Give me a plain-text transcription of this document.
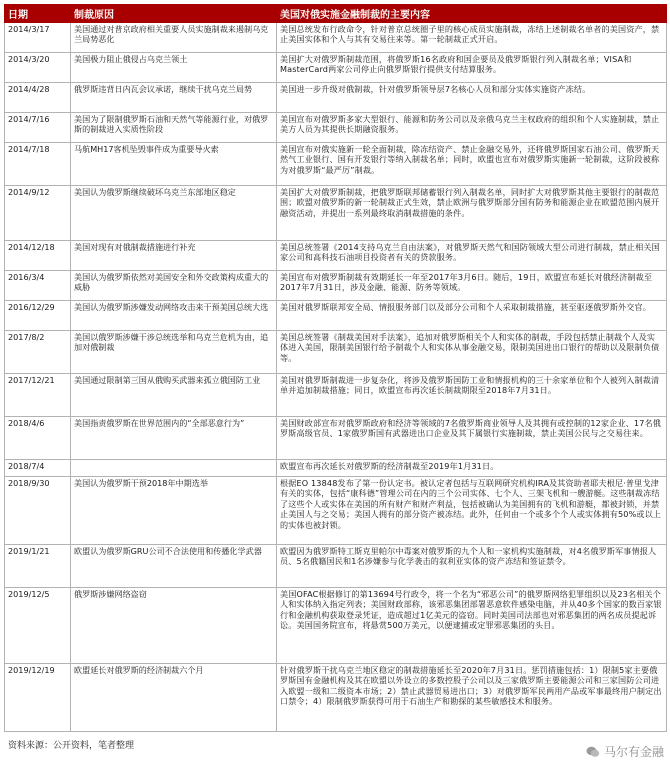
日期	制裁原因	美国对俄实施金融制裁的主要内容
2014/3/17	美国通过对普京政府相关重要人员实施制裁来遏制乌克兰局势恶化	美国总统发布行政命令，针对普京总统圈子里的核心成员实施制裁，冻结上述制裁名单者的美国资产，禁止美国实体和个人与其有交易往来等。第一轮制裁正式开启。
2014/3/20	美国极力阻止俄侵占乌克兰领土	美国扩大对俄罗斯制裁范围，将俄罗斯16名政府和国企要员及俄罗斯银行列入制裁名单；VISA和MasterCard两家公司停止向俄罗斯银行提供支付结算服务。
2014/4/28	俄罗斯违背日内瓦会议承诺，继续干扰乌克兰局势	美国进一步升级对俄制裁，针对俄罗斯领导层7名核心人员和部分实体实施资产冻结。
2014/7/16	美国为了限制俄罗斯石油和天然气等能源行业，对俄罗斯的制裁进入实质性阶段	美国宣布对俄罗斯多家大型银行、能源和防务公司以及亲俄乌克兰主权政府的组织和个人实施制裁，禁止美方人员为其提供长期融资服务。
2014/7/18	马航MH17客机坠毁事件成为重要导火索	美国宣布对俄实施新一轮全面制裁，除冻结资产、禁止金融交易外，还将俄罗斯国家石油公司、俄罗斯天然气工业银行、国有开发银行等纳入制裁名单；同时，欧盟也宣布对俄罗斯实施新一轮制裁，这阶段被称为对俄罗斯“最严厉”制裁。
2014/9/12	美国认为俄罗斯继续破坏乌克兰东部地区稳定	美国扩大对俄罗斯制裁，把俄罗斯联邦储蓄银行列入制裁名单，同时扩大对俄罗斯其他主要银行的制裁范围；欧盟对俄罗斯的新一轮制裁正式生效，禁止欧洲与俄罗斯部分国有防务和能源企业在欧盟范围内展开融资活动，并提出一系列最终取消制裁措施的条件。
2014/12/18	美国对现有对俄制裁措施进行补充	美国总统签署《2014支持乌克兰自由法案》，对俄罗斯天然气和国防领域大型公司进行制裁，禁止相关国家公司和高科技石油项目投资者有关的贷款服务。
2016/3/4	美国认为俄罗斯依然对美国安全和外交政策构成重大的威胁	美国宣布对俄罗斯制裁有效期延长一年至2017年3月6日。随后，19日，欧盟宣布延长对俄经济制裁至2017年7月31日，涉及金融、能源、防务等领域。
2016/12/29	美国认为俄罗斯涉嫌发动网络攻击来干预美国总统大选	美国对俄罗斯联邦安全局、情报服务部门以及部分公司和个人采取制裁措施，甚至驱逐俄罗斯外交官。
2017/8/2	美国以俄罗斯涉嫌干涉总统选举和乌克兰危机为由，追加对俄制裁	美国总统签署《制裁美国对手法案》，追加对俄罗斯相关个人和实体的制裁，手段包括禁止制裁个人及实体进入美国，限制美国银行给予制裁个人和实体从事金融交易，限制美国进出口银行的帮助以及限制负债等。
2017/12/21	美国通过限制第三国从俄购买武器来孤立俄国防工业	美国对俄罗斯制裁进一步复杂化，将涉及俄罗斯国防工业和情报机构的三十余家单位和个人被列入制裁清单并追加制裁措施；同日，欧盟宣布再次延长制裁期限至2018年7月31日。
2018/4/6	美国指责俄罗斯在世界范围内的“全部恶意行为”	美国财政部宣布对俄罗斯政府和经济等领域的7名俄罗斯商业领导人及其拥有或控制的12家企业、17名俄罗斯高级官员、1家俄罗斯国有武器进出口企业及其下属银行实施制裁，禁止美国公民与之交易往来。
2018/7/4		欧盟宣布再次延长对俄罗斯的经济制裁至2019年1月31日。
2018/9/30	美国认为俄罗斯干预2018年中期选举	根据EO 13848发布了第一份认定书。被认定者包括与互联网研究机构IRA及其资助者耶夫根尼·普里戈津有关的实体，包括“康科德”管理公司在内的三个公司实体、七个人、三架飞机和一艘游艇。这些制裁冻结了这些个人或实体在美国的所有财产和财产利益，包括被确认为美国拥有的飞机和游艇，都被封锁，并禁止美国人与之交易；美国人拥有的部分资产被冻结。此外，任何由一个或多个个人或实体拥有50%或以上的实体也被封锁。
2019/1/21	欧盟认为俄罗斯GRU公司不合法使用和传播化学武器	欧盟因为俄罗斯特工斯克里帕尔中毒案对俄罗斯的九个人和一家机构实施制裁，对4名俄罗斯军事情报人员、5名俄籍国民和1名涉嫌参与化学袭击的叙利亚实体的资产冻结和签证禁令。
2019/12/5	俄罗斯涉嫌网络盗窃	美国OFAC根据修订的第13694号行政令，将一个名为“邪恶公司”的俄罗斯网络犯罪组织以及23名相关个人和实体纳入指定列表；美国财政部称，该邪恶集团部署恶意软件感染电脑，并从40多个国家的数百家银行和金融机构获取登录凭证，造成超过1亿美元的盗窃。同时美国司法部也对邪恶集团的两名成员提起诉讼。美国国务院宣布，将悬赏500万美元，以便逮捕或定罪邪恶集团的头目。
2019/12/19	欧盟延长对俄罗斯的经济制裁六个月	针对俄罗斯干扰乌克兰地区稳定的制裁措施延长至2020年7月31日。惩罚措施包括：1）限制5家主要俄罗斯国有金融机构及其在欧盟以外设立的多数控股子公司以及三家俄罗斯主要能源公司和三家国防公司进入欧盟一级和二级资本市场；2）禁止武器贸易进出口；3）对俄罗斯军民两用产品或军事最终用户制定出口禁令；4）限制俄罗斯获得可用于石油生产和勘探的某些敏感技术和服务。
资料来源：公开资料，笔者整理	马尔有金融
